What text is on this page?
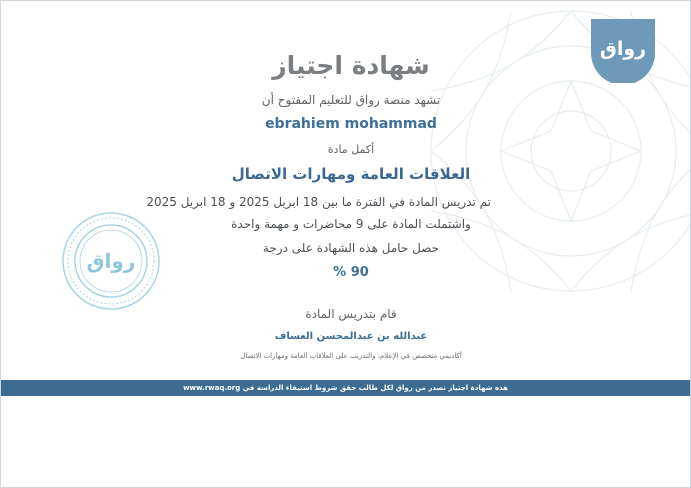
رواق
رواق
شهادة اجتياز
تشهد منصة رواق للتعليم المفتوح أن
ebrahiem mohammad
أكمل مادة
العلاقات العامة ومهارات الاتصال
تم تدريس المادة في الفترة ما بين 18 ابريل 2025 و 18 ابريل 2025
واشتملت المادة على 9 محاضرات و مهمة واحدة
حصل حامل هذه الشهادة على درجة
90 %
قام بتدريس المادة
عبدالله بن عبدالمحسن العساف
أكاديمي متخصص في الإعلام، والتدريب على العلاقات العامة ومهارات الاتصال
هذه شهادة اجتياز تصدر من رواق لكل طالب حقق شروط استيفاء الدراسة في www.rwaq.org
